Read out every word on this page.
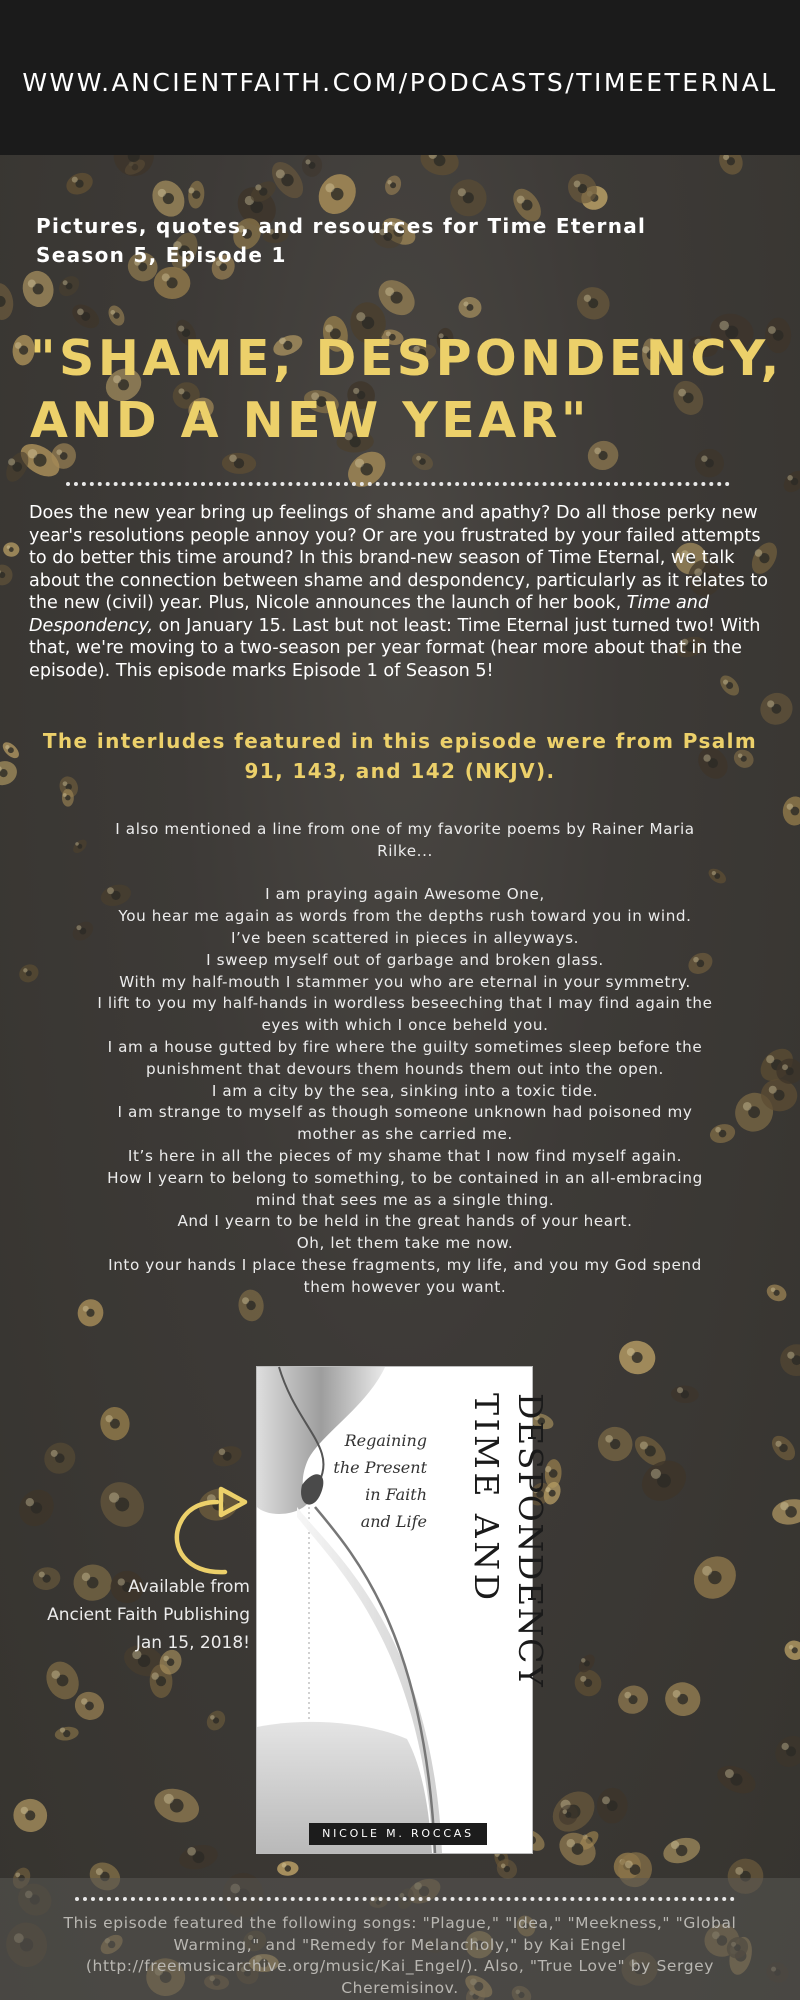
WWW.ANCIENTFAITH.COM/PODCASTS/TIMEETERNAL
Pictures, quotes, and resources for Time Eternal
Season 5, Episode 1
"SHAME, DESPONDENCY,
AND A NEW YEAR"
Does the new year bring up feelings of shame and apathy? Do all those perky new year's resolutions people annoy you? Or are you frustrated by your failed attempts to do better this time around? In this brand-new season of Time Eternal, we talk about the connection between shame and despondency, particularly as it relates to the new (civil) year. Plus, Nicole announces the launch of her book, Time and Despondency, on January 15. Last but not least: Time Eternal just turned two! With that, we're moving to a two-season per year format (hear more about that in the episode). This episode marks Episode 1 of Season 5!
The interludes featured in this episode were from Psalm 91, 143, and 142 (NKJV).

I also mentioned a line from one of my favorite poems by Rainer Maria Rilke...

I am praying again Awesome One,

You hear me again as words from the depths rush toward you in wind.

I’ve been scattered in pieces in alleyways.

I sweep myself out of garbage and broken glass.

With my half-mouth I stammer you who are eternal in your symmetry.

I lift to you my half-hands in wordless beseeching that I may find again the eyes with which I once beheld you.

I am a house gutted by fire where the guilty sometimes sleep before the punishment that devours them hounds them out into the open.

I am a city by the sea, sinking into a toxic tide.

I am strange to myself as though someone unknown had poisoned my mother as she carried me.

It’s here in all the pieces of my shame that I now find myself again.

How I yearn to belong to something, to be contained in an all-embracing mind that sees me as a single thing.

And I yearn to be held in the great hands of your heart.

Oh, let them take me now.

Into your hands I place these fragments, my life, and you my God spend them however you want.

Available from
Ancient Faith Publishing
Jan 15, 2018!
TIME AND DESPONDENCY
Regaining
the Present
in Faith
and Life
NICOLE M. ROCCAS
This episode featured the following songs: "Plague," "Idea," "Meekness," "Global Warming," and "Remedy for Melancholy," by Kai Engel (http://freemusicarchive.org/music/Kai_Engel/). Also, "True Love" by Sergey Cheremisinov.
